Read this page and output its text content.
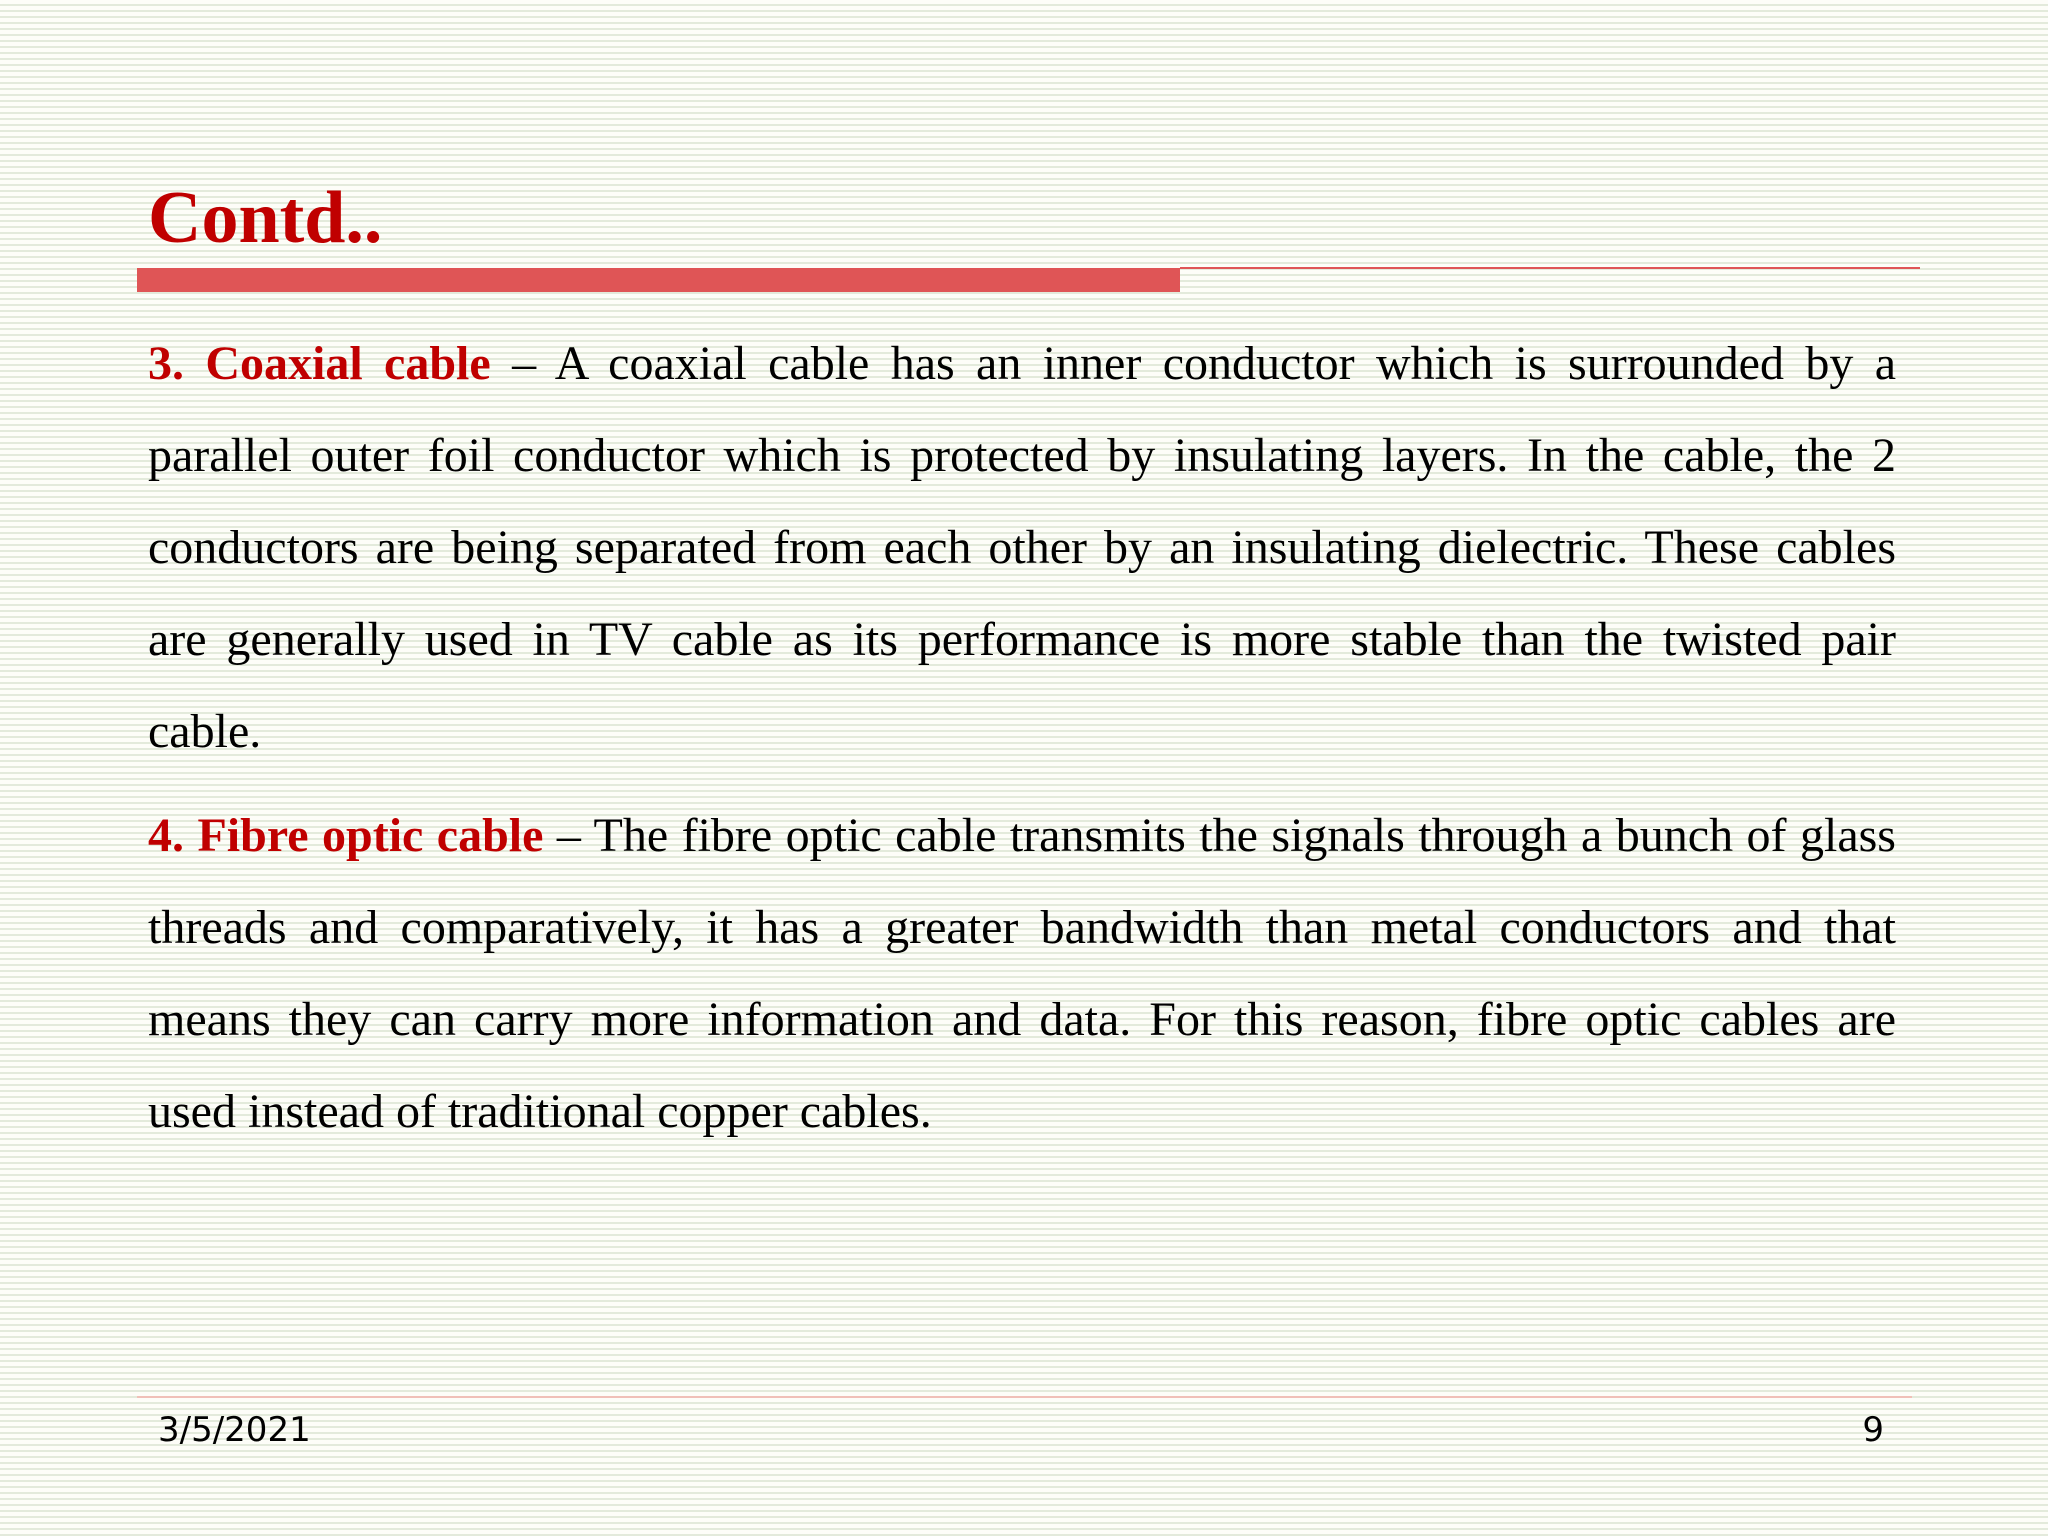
Contd..

3. Coaxial cable – A coaxial cable has an inner conductor which is surrounded by a parallel outer foil conductor which is protected by insulating layers. In the cable, the 2 conductors are being separated from each other by an insulating dielectric. These cables are generally used in TV cable as its performance is more stable than the twisted pair cable.

4. Fibre optic cable – The fibre optic cable transmits the signals through a bunch of glass threads and comparatively, it has a greater bandwidth than metal conductors and that means they can carry more information and data. For this reason, fibre optic cables are used instead of traditional copper cables.

3/5/2021	9
